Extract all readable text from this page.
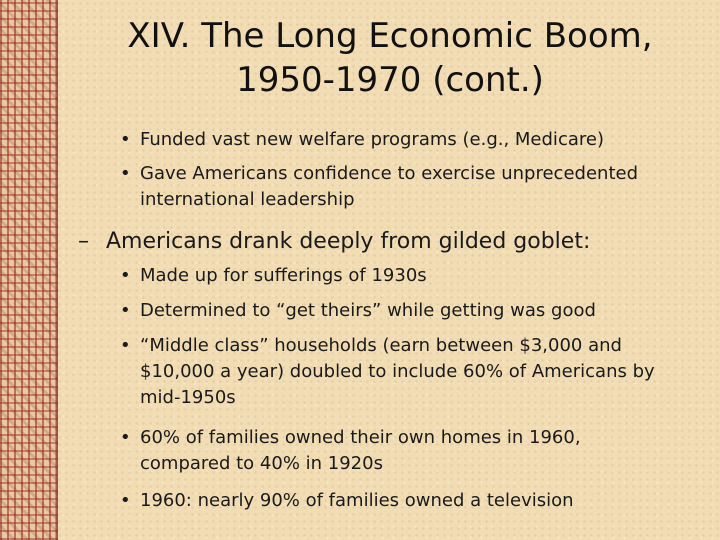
XIV. The Long Economic Boom,
1950-1970 (cont.)
• Funded vast new welfare programs (e.g., Medicare)
• Gave Americans confidence to exercise unprecedented
international leadership
– Americans drank deeply from gilded goblet:
• Made up for sufferings of 1930s
• Determined to “get theirs” while getting was good
• “Middle class” households (earn between $3,000 and
$10,000 a year) doubled to include 60% of Americans by
mid-1950s
• 60% of families owned their own homes in 1960,
compared to 40% in 1920s
• 1960: nearly 90% of families owned a television
